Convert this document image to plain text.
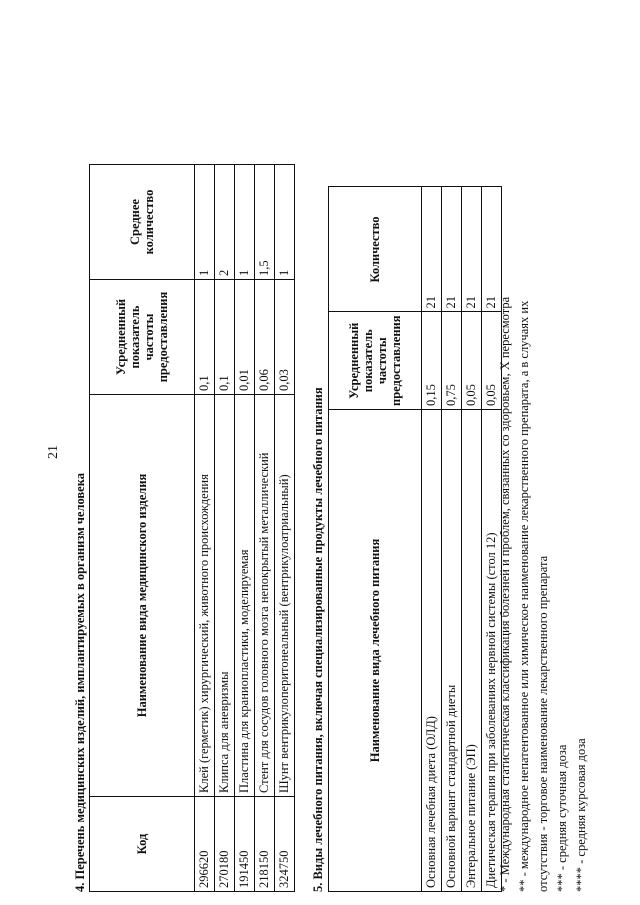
21
4. Перечень медицинских изделий, имплантируемых в организм человека	Код	Наименование вида медицинского изделия	Усредненный показатель частоты предоставления	Среднее количество
296620	Клей (герметик) хирургический, животного происхождения	0,1	1
270180	Клипса для аневризмы	0,1	2
191450	Пластина для краниопластики, моделируемая	0,01	1
218150	Стент для сосудов головного мозга непокрытый металлический	0,06	1,5
324750	Шунт вентрикулоперитонеальный (вентрикулоатриальный)	0,03	1
5. Виды лечебного питания, включая специализированные продукты лечебного питания	Наименование вида лечебного питания	Усредненный показатель частоты предоставления	Количество
Основная лечебная диета (ОЛД)	0,15	21
Основной вариант стандартной диеты	0,75	21
Энтеральное питание (ЭП)	0,05	21
Диетическая терапия при заболеваниях нервной системы (стол 12)	0,05	21 * - Международная статистическая классификация болезней и проблем, связанных со здоровьем, X пересмотра ** - международное непатентованное или химическое наименование лекарственного препарата, а в случаях их отсутствия - торговое наименование лекарственного препарата *** - средняя суточная доза **** - средняя курсовая доза
